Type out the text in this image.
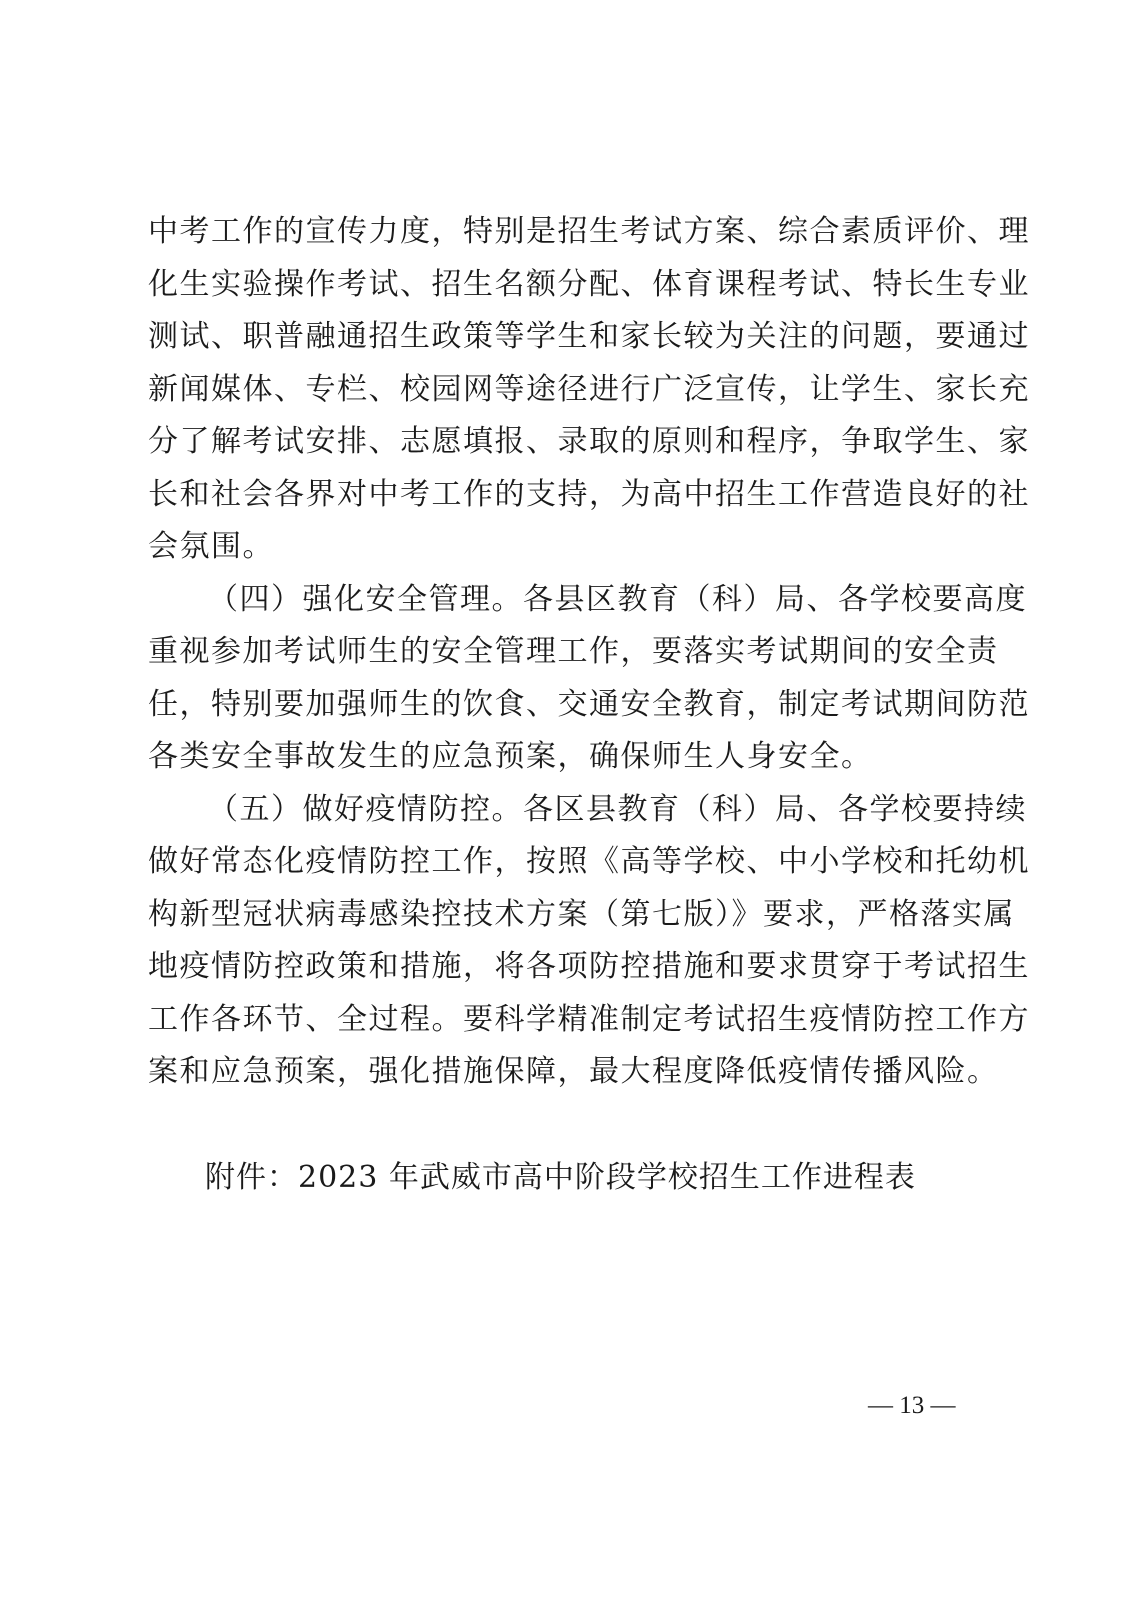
中考工作的宣传力度，特别是招生考试方案、综合素质评价、理
化生实验操作考试、招生名额分配、体育课程考试、特长生专业
测试、职普融通招生政策等学生和家长较为关注的问题，要通过
新闻媒体、专栏、校园网等途径进行广泛宣传，让学生、家长充
分了解考试安排、志愿填报、录取的原则和程序，争取学生、家
长和社会各界对中考工作的支持，为高中招生工作营造良好的社
会氛围。
（四）强化安全管理。各县区教育（科）局、各学校要高度
重视参加考试师生的安全管理工作，要落实考试期间的安全责
任，特别要加强师生的饮食、交通安全教育，制定考试期间防范
各类安全事故发生的应急预案，确保师生人身安全。
（五）做好疫情防控。各区县教育（科）局、各学校要持续
做好常态化疫情防控工作，按照《高等学校、中小学校和托幼机
构新型冠状病毒感染控技术方案（第七版）》要求，严格落实属
地疫情防控政策和措施，将各项防控措施和要求贯穿于考试招生
工作各环节、全过程。要科学精准制定考试招生疫情防控工作方
案和应急预案，强化措施保障，最大程度降低疫情传播风险。
附件：2023 年武威市高中阶段学校招生工作进程表
— 13 —
